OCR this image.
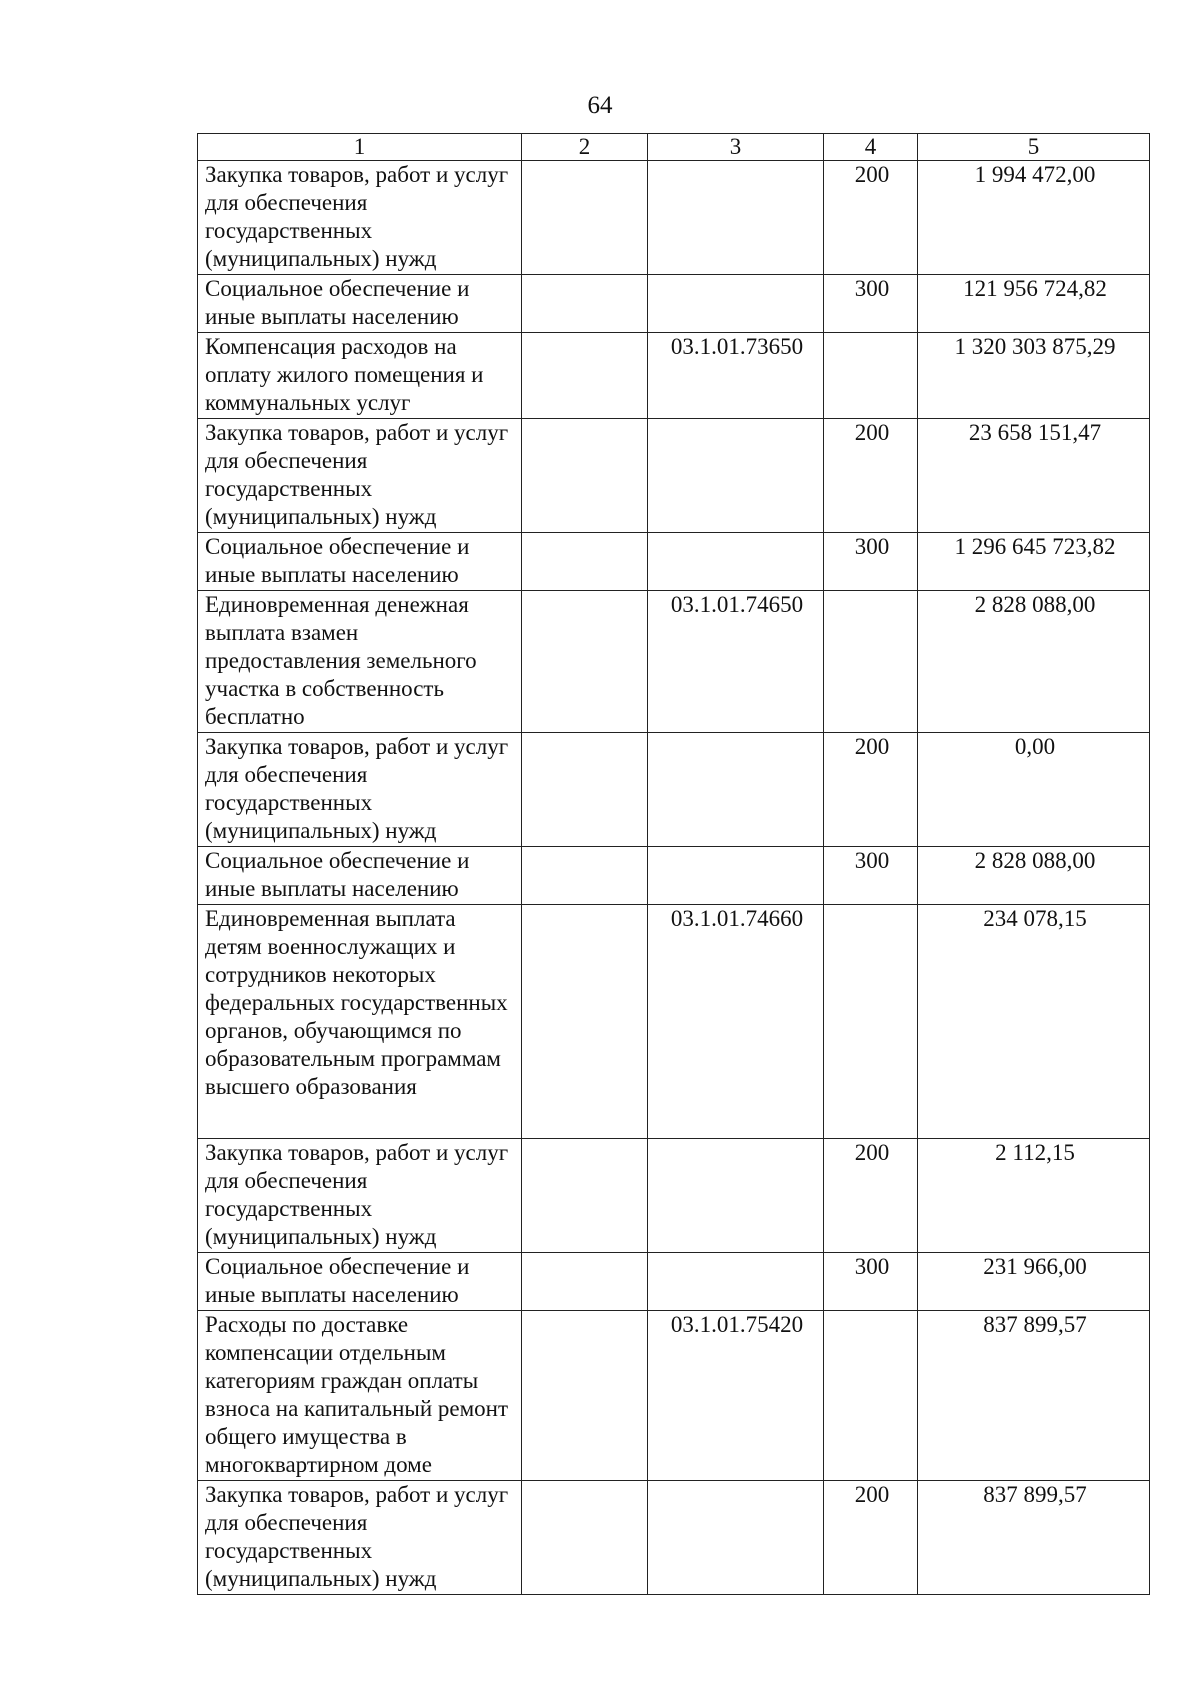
64
1	2	3	4	5
Закупка товаров, работ и услуг для обеспечения государственных (муниципальных) нужд			200	1 994 472,00
Социальное обеспечение и иные выплаты населению			300	121 956 724,82
Компенсация расходов на оплату жилого помещения и коммунальных услуг		03.1.01.73650		1 320 303 875,29
Закупка товаров, работ и услуг для обеспечения государственных (муниципальных) нужд			200	23 658 151,47
Социальное обеспечение и иные выплаты населению			300	1 296 645 723,82
Единовременная денежная выплата взамен предоставления земельного участка в собственность бесплатно		03.1.01.74650		2 828 088,00
Закупка товаров, работ и услуг для обеспечения государственных (муниципальных) нужд			200	0,00
Социальное обеспечение и иные выплаты населению			300	2 828 088,00
Единовременная выплата детям военнослужащих и сотрудников некоторых федеральных государственных органов, обучающимся по образовательным программам высшего образования		03.1.01.74660		234 078,15
Закупка товаров, работ и услуг для обеспечения государственных (муниципальных) нужд			200	2 112,15
Социальное обеспечение и иные выплаты населению			300	231 966,00
Расходы по доставке компенсации отдельным категориям граждан оплаты взноса на капитальный ремонт общего имущества в многоквартирном доме		03.1.01.75420		837 899,57
Закупка товаров, работ и услуг для обеспечения государственных (муниципальных) нужд			200	837 899,57
